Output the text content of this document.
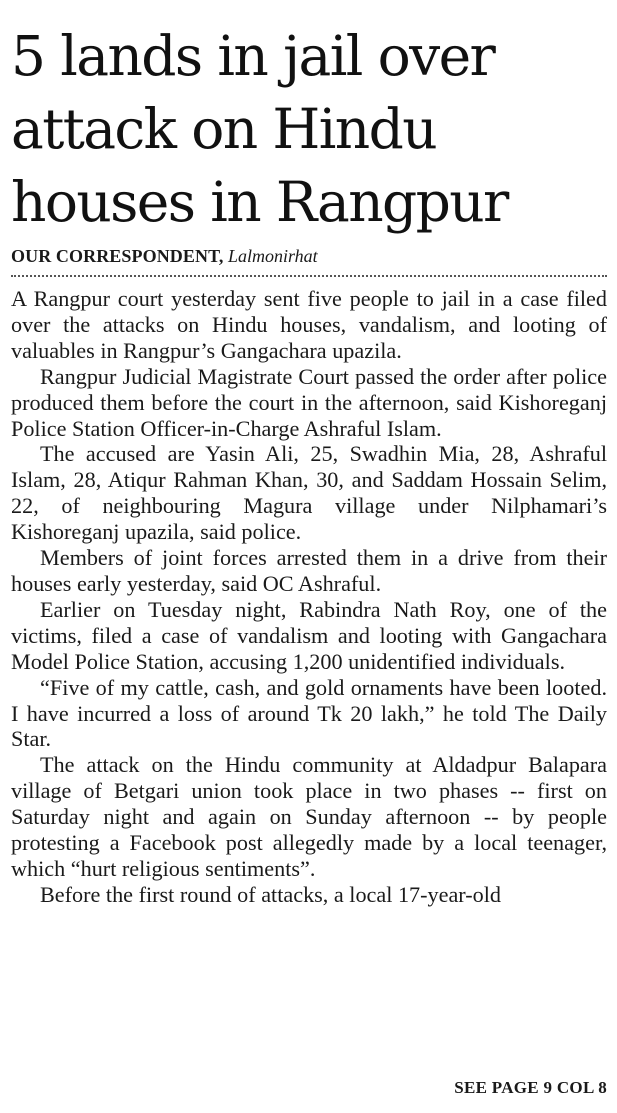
5 lands in jail over
attack on Hindu
houses in Rangpur
OUR CORRESPONDENT, Lalmonirhat

A Rangpur court yesterday sent five people to jail in a case filed over the attacks on Hindu houses, vandalism, and looting of valuables in Rangpur’s Gangachara upazila.

Rangpur Judicial Magistrate Court passed the order after police produced them before the court in the afternoon, said Kishoreganj Police Station Officer-in-Charge Ashraful Islam.

The accused are Yasin Ali, 25, Swadhin Mia, 28, Ashraful Islam, 28, Atiqur Rahman Khan, 30, and Saddam Hossain Selim, 22, of neighbouring Magura village under Nilphamari’s Kishoreganj upazila, said police.

Members of joint forces arrested them in a drive from their houses early yesterday, said OC Ashraful.

Earlier on Tuesday night, Rabindra Nath Roy, one of the victims, filed a case of vandalism and looting with Gangachara Model Police Station, accusing 1,200 unidentified individuals.

“Five of my cattle, cash, and gold ornaments have been looted. I have incurred a loss of around Tk 20 lakh,” he told The Daily Star.

The attack on the Hindu community at Aldadpur Balapara village of Betgari union took place in two phases -- first on Saturday night and again on Sunday afternoon -- by people protesting a Facebook post allegedly made by a local teenager, which “hurt religious sentiments”.

Before the first round of attacks, a local 17-year-old

SEE PAGE 9 COL 8
